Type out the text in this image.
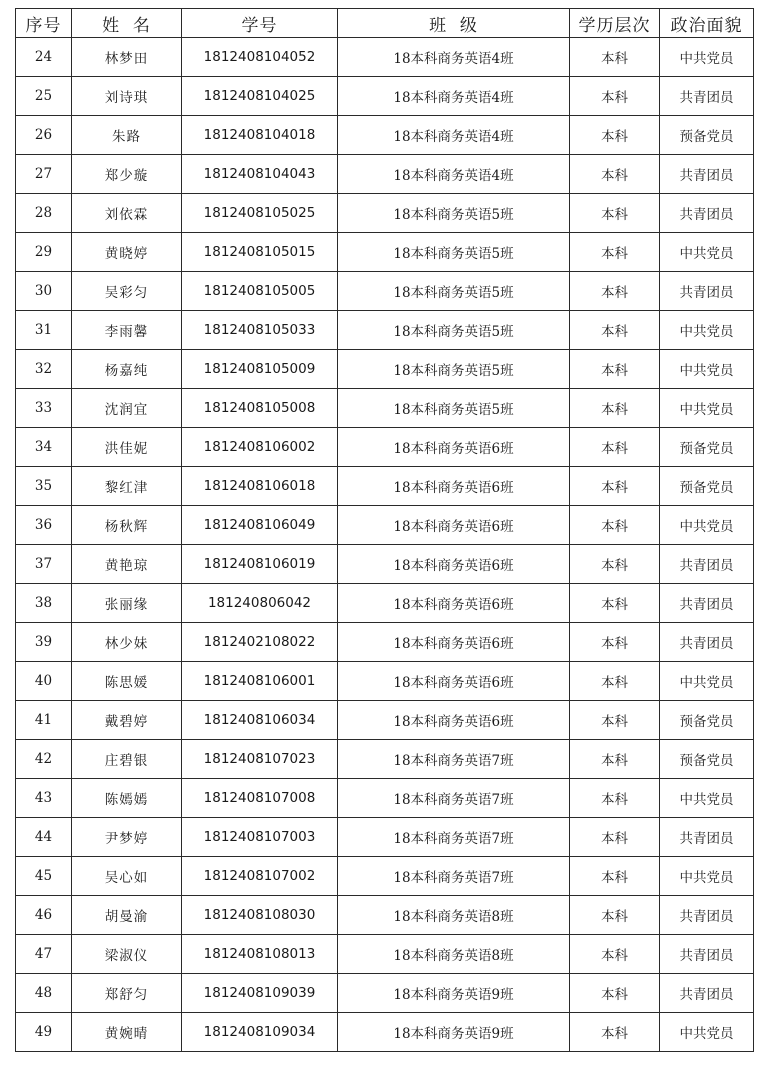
序号	姓  名	学号	班  级	学历层次	政治面貌
24	林梦田	1812408104052	18本科商务英语4班	本科	中共党员
25	刘诗琪	1812408104025	18本科商务英语4班	本科	共青团员
26	朱路	1812408104018	18本科商务英语4班	本科	预备党员
27	郑少璇	1812408104043	18本科商务英语4班	本科	共青团员
28	刘依霖	1812408105025	18本科商务英语5班	本科	共青团员
29	黄晓婷	1812408105015	18本科商务英语5班	本科	中共党员
30	吴彩匀	1812408105005	18本科商务英语5班	本科	共青团员
31	李雨馨	1812408105033	18本科商务英语5班	本科	中共党员
32	杨嘉纯	1812408105009	18本科商务英语5班	本科	中共党员
33	沈润宜	1812408105008	18本科商务英语5班	本科	中共党员
34	洪佳妮	1812408106002	18本科商务英语6班	本科	预备党员
35	黎红津	1812408106018	18本科商务英语6班	本科	预备党员
36	杨秋辉	1812408106049	18本科商务英语6班	本科	中共党员
37	黄艳琼	1812408106019	18本科商务英语6班	本科	共青团员
38	张丽缘	181240806042	18本科商务英语6班	本科	共青团员
39	林少妹	1812402108022	18本科商务英语6班	本科	共青团员
40	陈思媛	1812408106001	18本科商务英语6班	本科	中共党员
41	戴碧婷	1812408106034	18本科商务英语6班	本科	预备党员
42	庄碧银	1812408107023	18本科商务英语7班	本科	预备党员
43	陈嫣嫣	1812408107008	18本科商务英语7班	本科	中共党员
44	尹梦婷	1812408107003	18本科商务英语7班	本科	共青团员
45	吴心如	1812408107002	18本科商务英语7班	本科	中共党员
46	胡曼渝	1812408108030	18本科商务英语8班	本科	共青团员
47	梁淑仪	1812408108013	18本科商务英语8班	本科	共青团员
48	郑舒匀	1812408109039	18本科商务英语9班	本科	共青团员
49	黄婉晴	1812408109034	18本科商务英语9班	本科	中共党员
